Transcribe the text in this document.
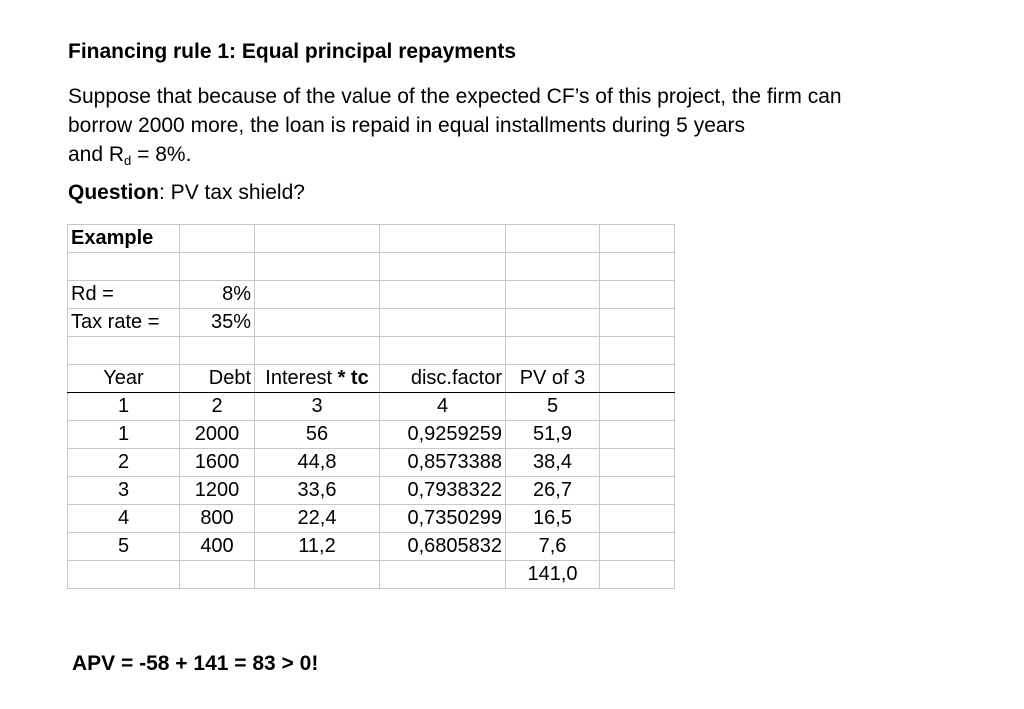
Financing rule 1: Equal principal repayments

Suppose that because of the value of the expected CF’s of this project, the firm can
borrow 2000 more, the loan is repaid in equal installments during 5 years
and $R_d = 8\%$.

Question: PV tax shield?

Example					

Rd =	8%				
Tax rate =	35%				

Year	Debt	Interest * tc	disc.factor	PV of 3	
1	2	3	4	5	
1	2000	56	0,9259259	51,9	
2	1600	44,8	0,8573388	38,4	
3	1200	33,6	0,7938322	26,7	
4	800	22,4	0,7350299	16,5	
5	400	11,2	0,6805832	7,6	
				141,0	

APV = -58 + 141 = 83 > 0!
